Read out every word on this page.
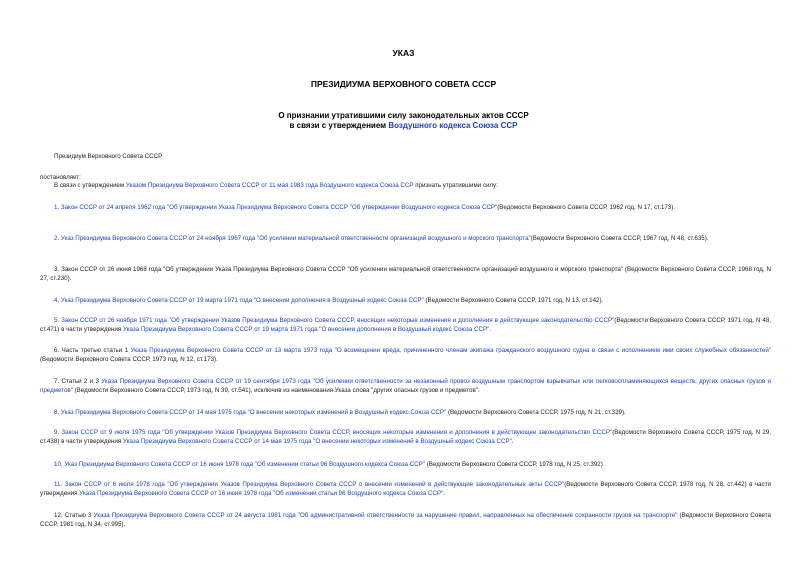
УКАЗ
ПРЕЗИДИУМА ВЕРХОВНОГО СОВЕТА СССР
О признании утратившими силу законодательных актов СССР
в связи с утверждением Воздушного кодекса Союза ССР
Президиум Верховного Совета СССР
постановляет:
В связи с утверждением Указом Президиума Верховного Совета СССР от 11 мая 1983 года Воздушного кодекса Союза ССР признать утратившими силу:
1. Закон СССР от 24 апреля 1962 года "Об утверждении Указа Президиума Верховного Совета СССР "Об утверждении Воздушного кодекса Союза ССР"(Ведомости Верховного Совета СССР, 1962 год, N 17, ст.173).
2. Указ Президиума Верховного Совета СССР от 24 ноября 1967 года "Об усилении материальной ответственности организаций воздушного и морского транспорта"(Ведомости Верховного Совета СССР, 1967 год, N 48, ст.635).
3. Закон СССР от 26 июня 1968 года "Об утверждении Указа Президиума Верховного Совета СССР "Об усилении материальной ответственности организаций воздушного и морского транспорта" (Ведомости Верховного Совета СССР, 1968 год, N 27, ст.230).
4. Указ Президиума Верховного Совета СССР от 19 марта 1971 года "О внесении дополнения в Воздушный кодекс Союза ССР" (Ведомости Верховного Совета СССР, 1971 год, N 13, ст.142).
5. Закон СССР от 26 ноября 1971 года "Об утверждении Указов Президиума Верховного Совета СССР, вносящих некоторые изменения и дополнения в действующее законодательство СССР"(Ведомости Верховного Совета СССР, 1971 год, N 48, ст.471) в части утверждения Указа Президиума Верховного Совета СССР от 19 марта 1971 года "О внесении дополнения в Воздушный кодекс Союза ССР".
6. Часть третью статьи 1 Указа Президиума Верховного Совета СССР от 13 марта 1973 года "О возмещении вреда, причиненного членам экипажа гражданского воздушного судна в связи с исполнением ими своих служебных обязанностей" (Ведомости Верховного Совета СССР, 1973 год, N 12, ст.173).
7. Статьи 2 и 3 Указа Президиума Верховного Совета СССР от 19 сентября 1973 года "Об усилении ответственности за незаконный провоз воздушным транспортом взрывчатых или легковоспламеняющихся веществ, других опасных грузов и предметов" (Ведомости Верховного Совета СССР, 1973 год, N 39, ст.541), исключив из наименования Указа слова "других опасных грузов и предметов".
8. Указ Президиума Верховного Совета СССР от 14 мая 1975 года "О внесении некоторых изменений в Воздушный кодекс Союза ССР" (Ведомости Верховного Совета СССР, 1975 год, N 21, ст.339).
9. Закон СССР от 9 июля 1975 года "Об утверждении Указов Президиума Верховного Совета СССР, вносящих некоторые изменения и дополнения в действующее законодательство СССР"(Ведомости Верховного Совета СССР, 1975 год, N 29, ст.438) в части утверждения Указа Президиума Верховного Совета СССР от 14 мая 1975 года "О внесении некоторых изменений в Воздушный кодекс Союза ССР".
10. Указ Президиума Верховного Совета СССР от 16 июня 1978 года "Об изменении статьи 96 Воздушного кодекса Союза ССР" (Ведомости Верховного Совета СССР, 1978 год, N 25, ст.392).
11. Закон СССР от 6 июля 1978 года "Об утверждении Указов Президиума Верховного Совета СССР о внесении изменений в действующие законодательные акты СССР"(Ведомости Верховного Совета СССР, 1978 год, N 28, ст.442) в части утверждения Указа Президиума Верховного Совета СССР от 16 июня 1978 года "Об изменении статьи 96 Воздушного кодекса Союза ССР".
12. Статью 3 Указа Президиума Верховного Совета СССР от 24 августа 1981 года "Об административной ответственности за нарушение правил, направленных на обеспечение сохранности грузов на транспорте" (Ведомости Верховного Совета СССР, 1981 год, N 34, ст.995).
